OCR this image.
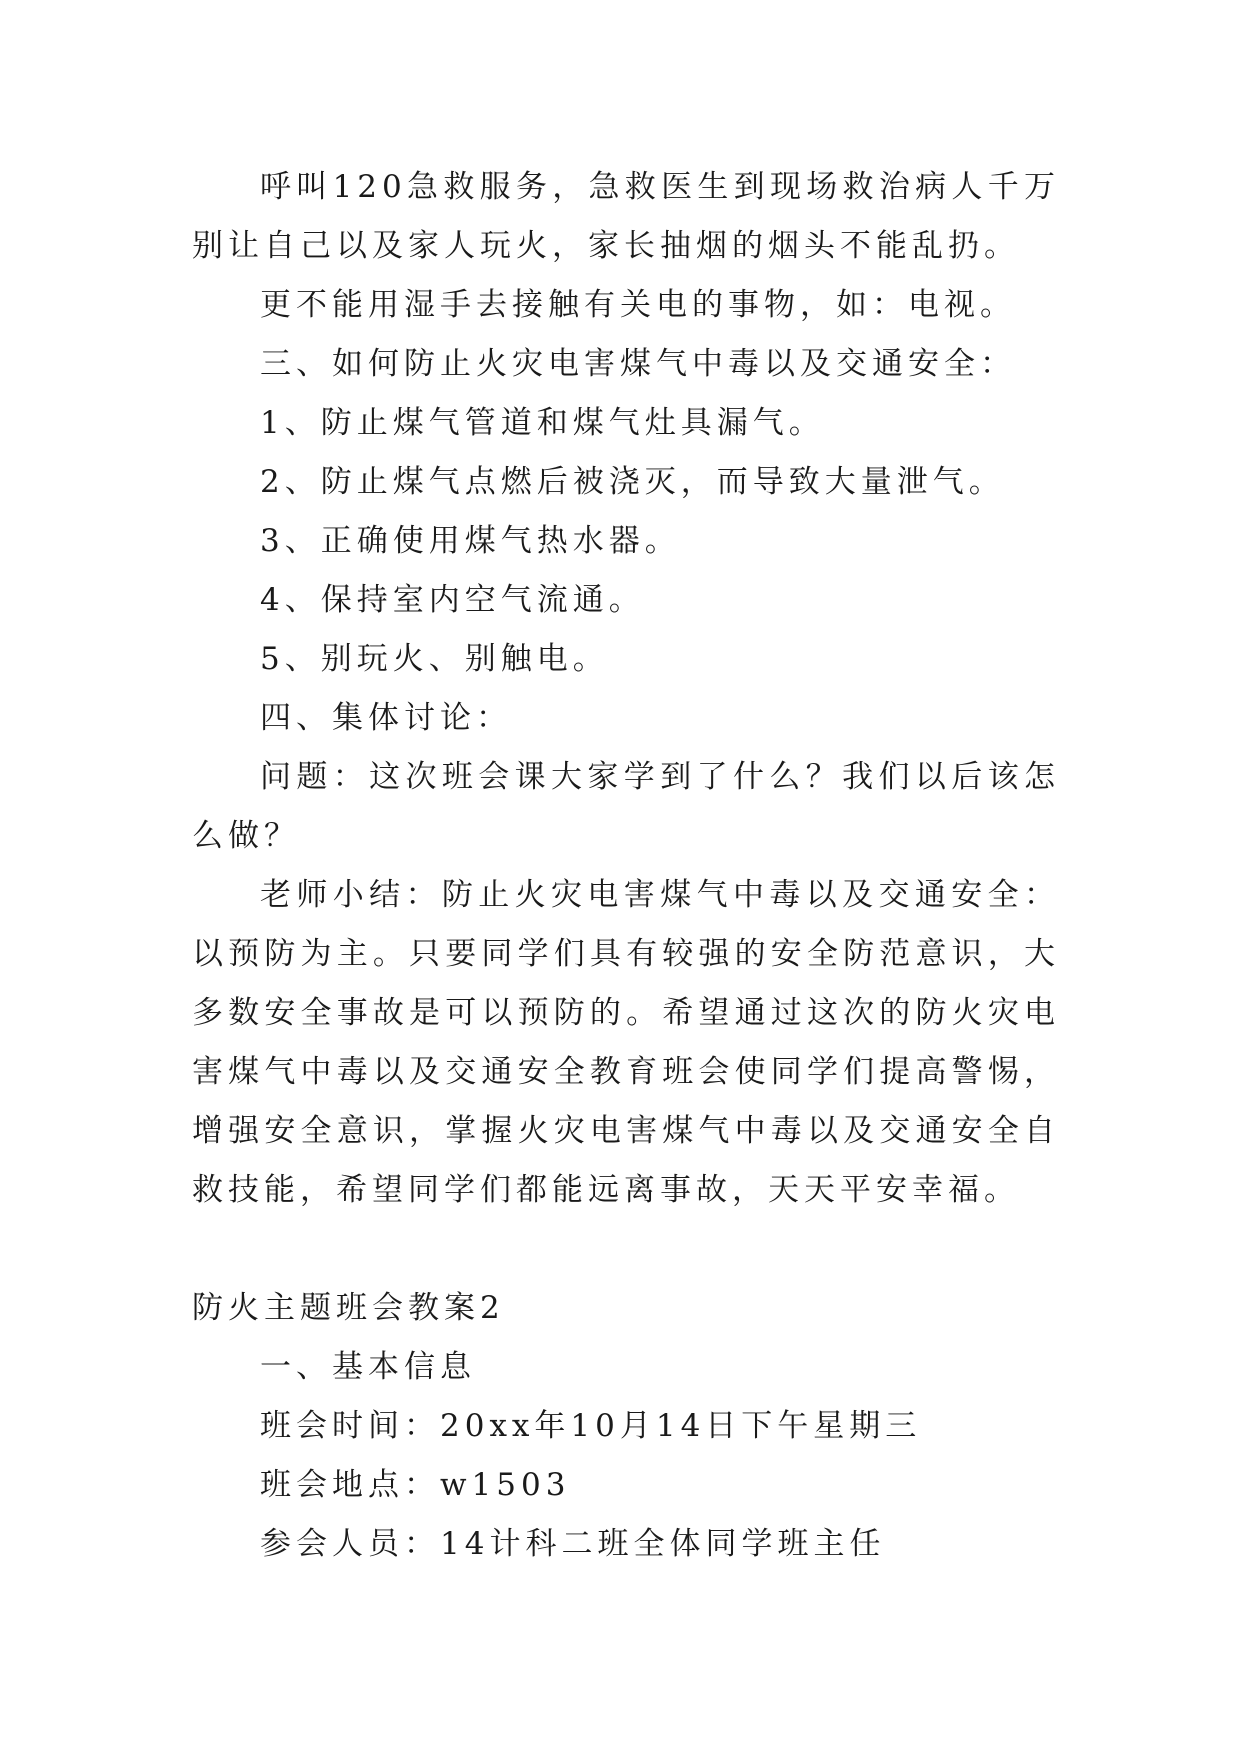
呼叫120急救服务，急救医生到现场救治病人千万别让自己以及家人玩火，家长抽烟的烟头不能乱扔。

更不能用湿手去接触有关电的事物，如：电视。

三、如何防止火灾电害煤气中毒以及交通安全：

1、防止煤气管道和煤气灶具漏气。

2、防止煤气点燃后被浇灭，而导致大量泄气。

3、正确使用煤气热水器。

4、保持室内空气流通。

5、别玩火、别触电。

四、集体讨论：

问题：这次班会课大家学到了什么？我们以后该怎么做？

老师小结：防止火灾电害煤气中毒以及交通安全：以预防为主。只要同学们具有较强的安全防范意识，大多数安全事故是可以预防的。希望通过这次的防火灾电害煤气中毒以及交通安全教育班会使同学们提高警惕，增强安全意识，掌握火灾电害煤气中毒以及交通安全自救技能，希望同学们都能远离事故，天天平安幸福。

防火主题班会教案2

一、基本信息

班会时间：20xx年10月14日下午星期三

班会地点：w1503

参会人员：14计科二班全体同学班主任
